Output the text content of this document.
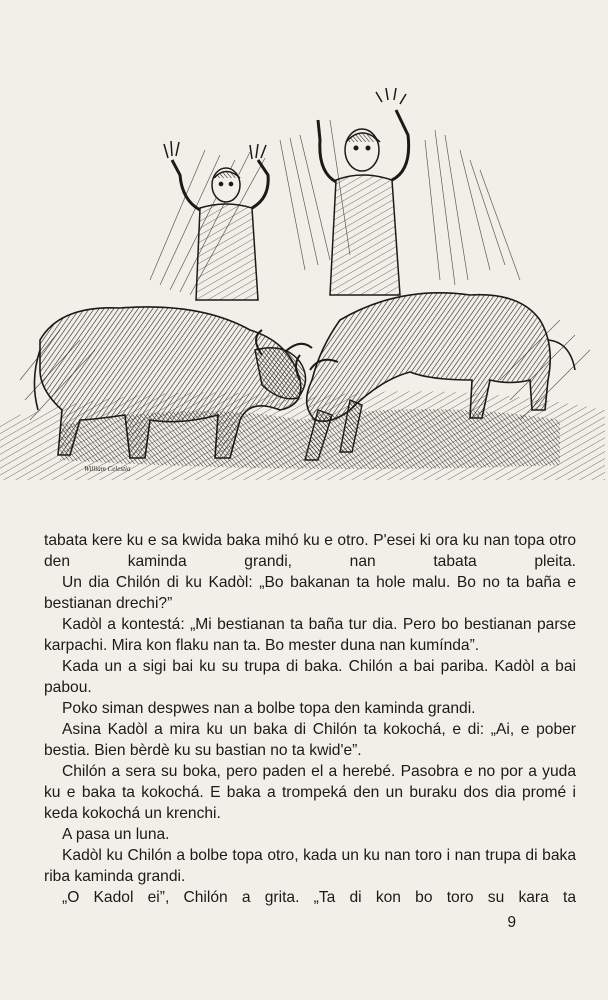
William Celestia

tabata kere ku e sa kwida baka mihó ku e otro. P'esei ki ora ku nan topa otro den kaminda grandi, nan tabata pleita.

Un dia Chilón di ku Kadòl: „Bo bakanan ta hole malu. Bo no ta baña e bestianan drechi?”

Kadòl a kontestá: „Mi bestianan ta baña tur dia. Pero bo bestianan parse karpachi. Mira kon flaku nan ta. Bo mester duna nan kumínda”.

Kada un a sigi bai ku su trupa di baka. Chilón a bai pariba. Kadòl a bai pabou.

Poko siman despwes nan a bolbe topa den kaminda grandi.

Asina Kadòl a mira ku un baka di Chilón ta kokochá, e di: „Ai, e pober bestia. Bien bèrdè ku su bastian no ta kwid'e”.

Chilón a sera su boka, pero paden el a herebé. Pasobra e no por a yuda ku e baka ta kokochá. E baka a trompeká den un buraku dos dia promé i keda kokochá un krenchi.

A pasa un luna.

Kadòl ku Chilón a bolbe topa otro, kada un ku nan toro i nan trupa di baka riba kaminda grandi.

„O Kadol ei”, Chilón a grita. „Ta di kon bo toro su kara ta

9
